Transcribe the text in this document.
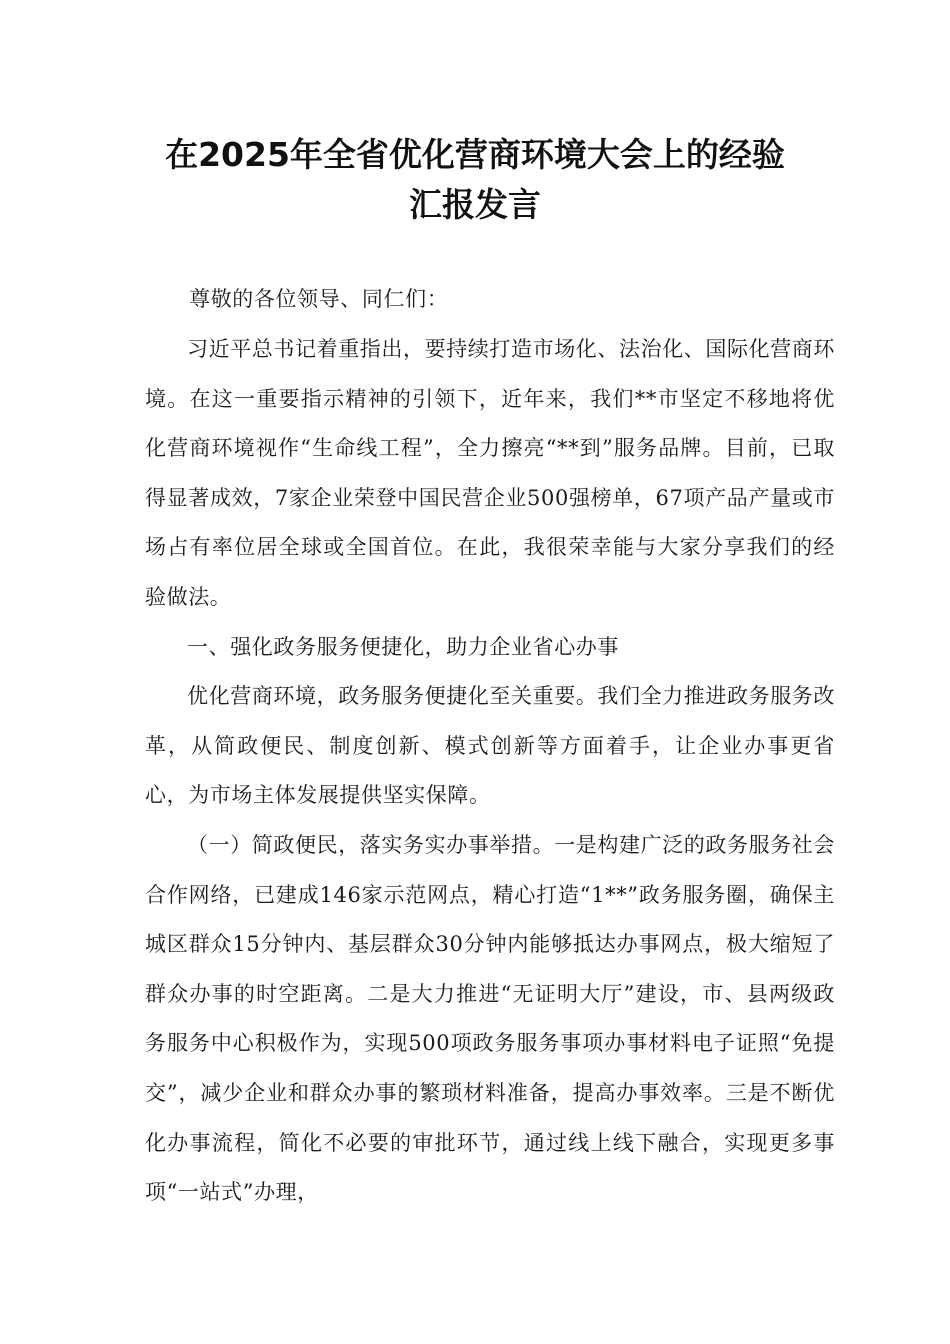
在2025年全省优化营商环境大会上的经验
汇报发言
尊敬的各位领导、同仁们：

习近平总书记着重指出，要持续打造市场化、法治化、国际化营商环境。在这一重要指示精神的引领下，近年来，我们**市坚定不移地将优化营商环境视作“生命线工程”，全力擦亮“**到”服务品牌。目前，已取得显著成效，7家企业荣登中国民营企业500强榜单，67项产品产量或市场占有率位居全球或全国首位。在此，我很荣幸能与大家分享我们的经验做法。

一、强化政务服务便捷化，助力企业省心办事

优化营商环境，政务服务便捷化至关重要。我们全力推进政务服务改革，从简政便民、制度创新、模式创新等方面着手，让企业办事更省心，为市场主体发展提供坚实保障。

（一）简政便民，落实务实办事举措。一是构建广泛的政务服务社会合作网络，已建成146家示范网点，精心打造“1**”政务服务圈，确保主城区群众15分钟内、基层群众30分钟内能够抵达办事网点，极大缩短了群众办事的时空距离。二是大力推进“无证明大厅”建设，市、县两级政务服务中心积极作为，实现500项政务服务事项办事材料电子证照“免提交”，减少企业和群众办事的繁琐材料准备，提高办事效率。三是不断优化办事流程，简化不必要的审批环节，通过线上线下融合，实现更多事项“一站式”办理，
